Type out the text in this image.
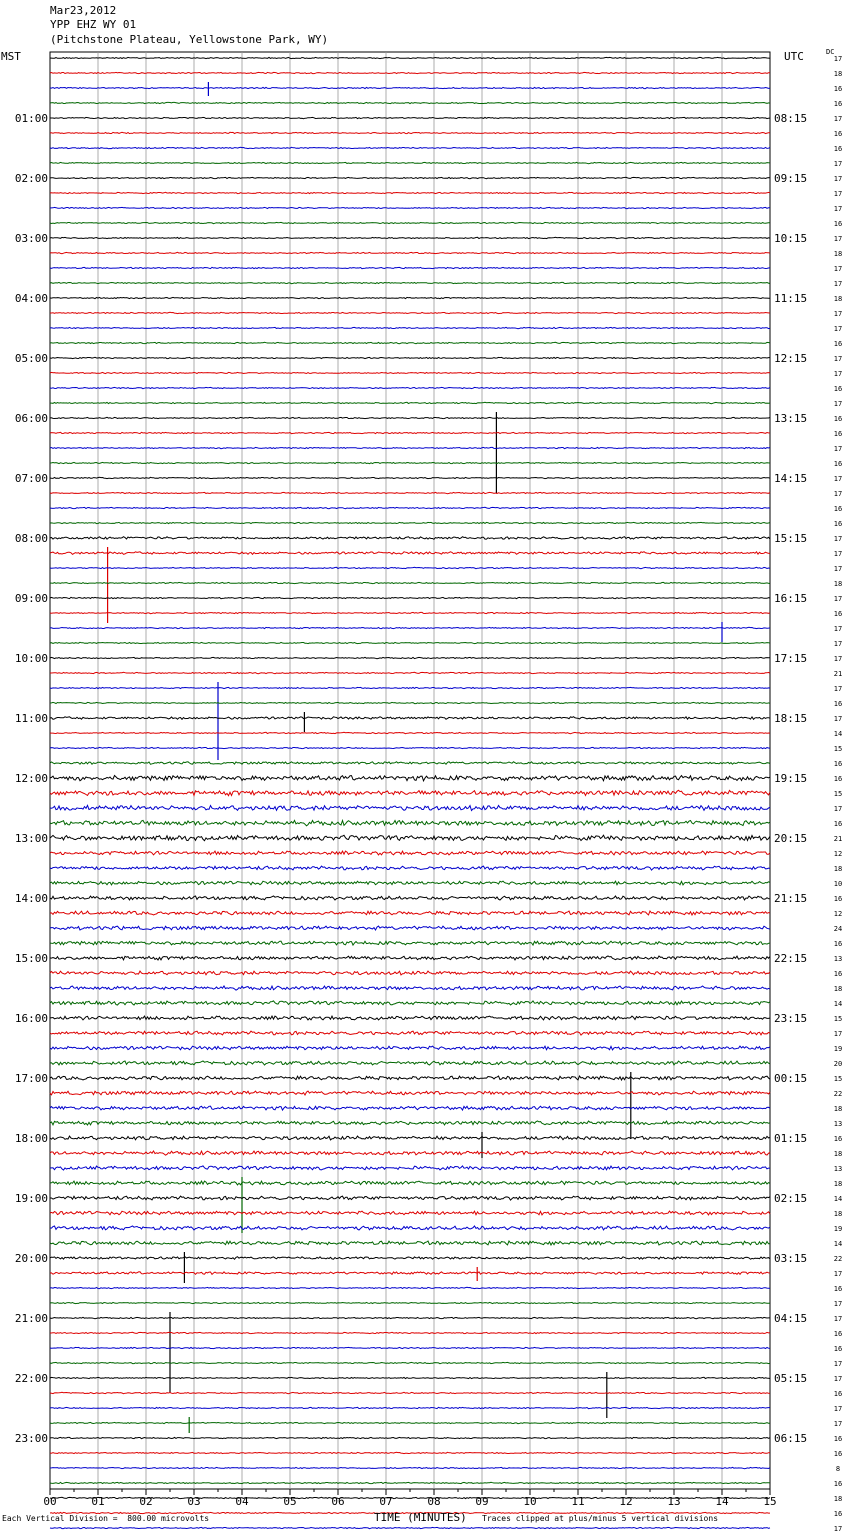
Mar23,2012
YPP EHZ WY 01
(Pitchstone Plateau, Yellowstone Park, WY)
MST	UTC	DC
00	01	02	03	04	05	06	07	08	09	10	11	12	13	14	15
17
18
16
16
17
16
16
17
17
17
17
16
17
18
17
17
18
17
17
16
17
17
16
17
16
16
17
16
17
17
16
16
17
17
17
18
17
16
17
17
17
21
17
16
17
14
15
16
16
15
17
16
21
12
18
10
16
12
24
16
13
16
18
14
15
17
19
20
15
22
18
13
16
18
13
18
14
18
19
14
22
17
16
17
17
16
16
17
17
16
17
17
16
16
8
16
18
16
17
01:00
02:00
03:00
04:00
05:00
06:00
07:00
08:00
09:00
10:00
11:00
12:00
13:00
14:00
15:00
16:00
17:00
18:00
19:00
20:00
21:00
22:00
23:00
08:15
09:15
10:15
11:15
12:15
13:15
14:15
15:15
16:15
17:15
18:15
19:15
20:15
21:15
22:15
23:15
00:15
01:15
02:15
03:15
04:15
05:15
06:15
Each Vertical Division =  800.00 microvolts	TIME (MINUTES) Traces clipped at plus/minus 5 vertical divisions
